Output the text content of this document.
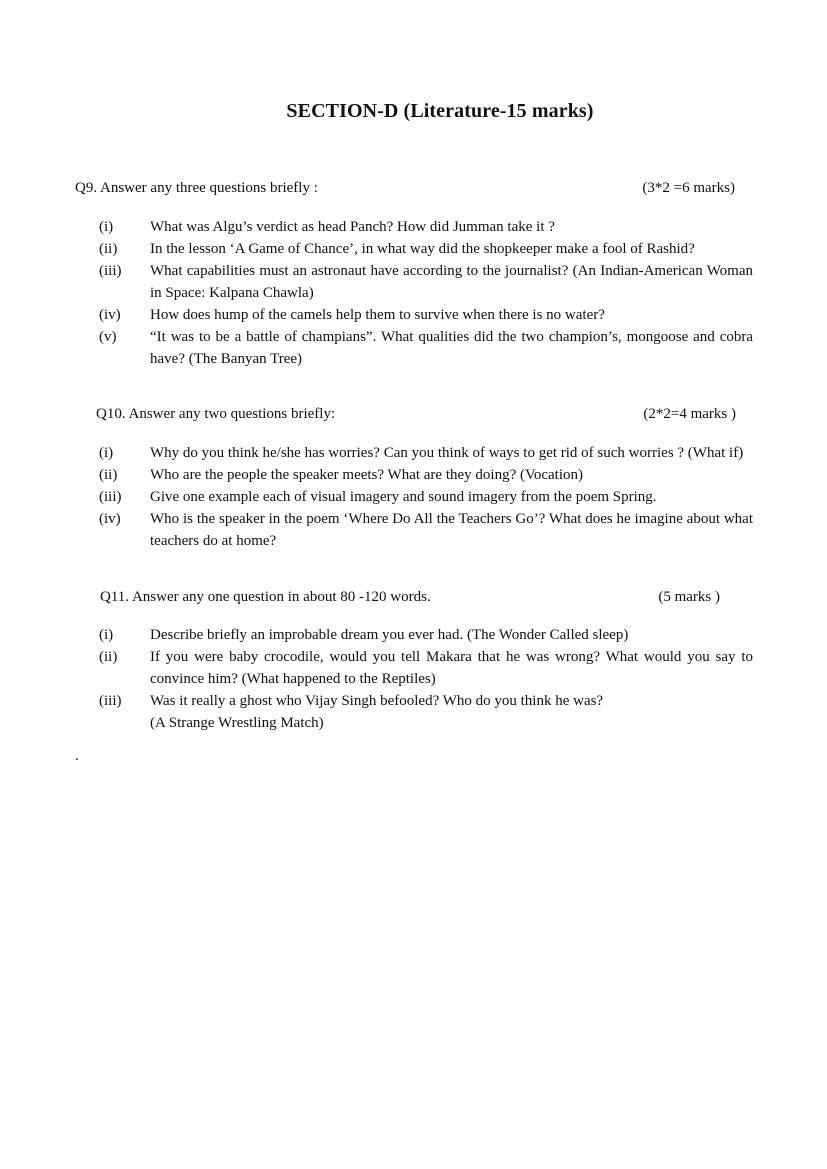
SECTION-D (Literature-15 marks)
Q9. Answer any three questions briefly :	(3*2 =6 marks)
(i)	What was Algu’s verdict as head Panch? How did Jumman take it ?
(ii)	In the lesson ‘A Game of Chance’, in what way did the shopkeeper make a fool of Rashid?
(iii)	What capabilities must an astronaut have according to the journalist? (An Indian-American Woman in Space: Kalpana Chawla)
(iv)	How does hump of the camels help them to survive when there is no water?
(v)	“It was to be a battle of champians”. What qualities did the two champion’s, mongoose and cobra have? (The Banyan Tree)
Q10. Answer any two questions briefly:	(2*2=4 marks )
(i)	Why do you think he/she has worries? Can you think of ways to get rid of such worries ? (What if)
(ii)	Who are the people the speaker meets? What are they doing? (Vocation)
(iii)	Give one example each of visual imagery and sound imagery from the poem Spring.
(iv)	Who is the speaker in the poem ‘Where Do All the Teachers Go’? What does he imagine about what teachers do at home?
Q11. Answer any one question in about 80 -120 words.	(5 marks )
(i)	Describe briefly an improbable dream you ever had. (The Wonder Called sleep)
(ii)	If you were baby crocodile, would you tell Makara that he was wrong? What would you say to convince him? (What happened to the Reptiles)
(iii)	Was it really a ghost who Vijay Singh befooled? Who do you think he was?
(A Strange Wrestling Match)
.
